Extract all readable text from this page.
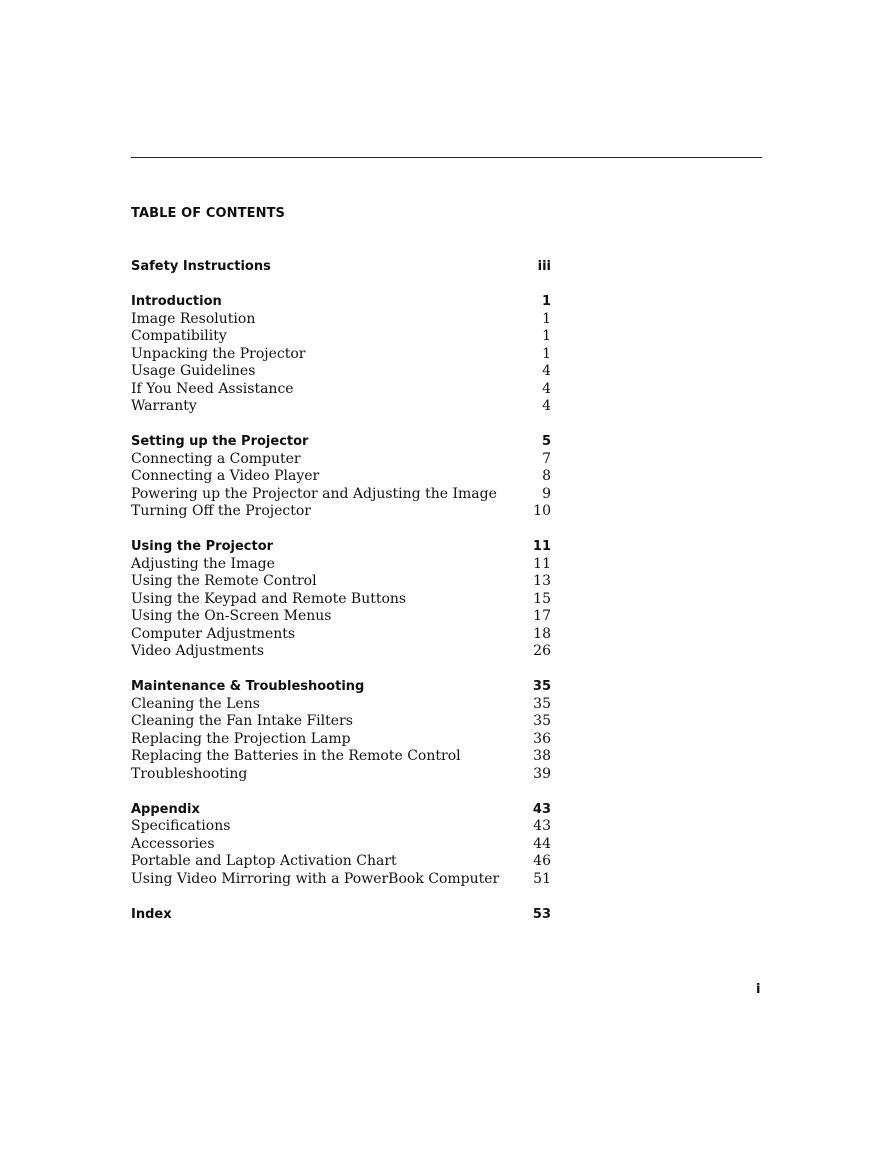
TABLE OF CONTENTS
Safety Instructions	iii
Introduction	1
Image Resolution	1
Compatibility	1
Unpacking the Projector	1
Usage Guidelines	4
If You Need Assistance	4
Warranty	4
Setting up the Projector	5
Connecting a Computer	7
Connecting a Video Player	8
Powering up the Projector and Adjusting the Image	9
Turning Off the Projector	10
Using the Projector	11
Adjusting the Image	11
Using the Remote Control	13
Using the Keypad and Remote Buttons	15
Using the On-Screen Menus	17
Computer Adjustments	18
Video Adjustments	26
Maintenance & Troubleshooting	35
Cleaning the Lens	35
Cleaning the Fan Intake Filters	35
Replacing the Projection Lamp	36
Replacing the Batteries in the Remote Control	38
Troubleshooting	39
Appendix	43
Specifications	43
Accessories	44
Portable and Laptop Activation Chart	46
Using Video Mirroring with a PowerBook Computer 51
Index	53
i
